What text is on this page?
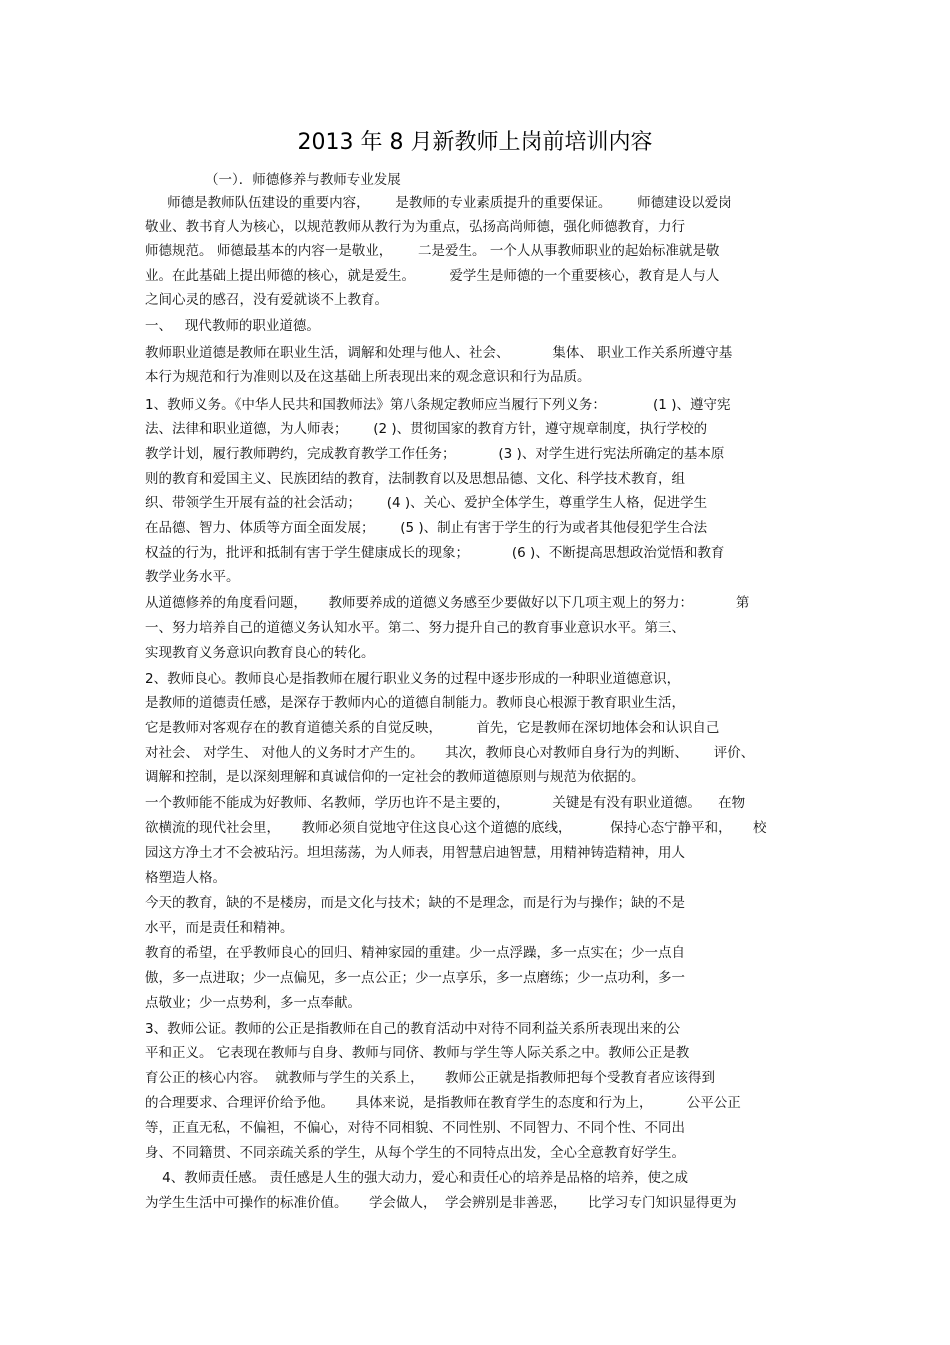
2013 年 8 月新教师上岗前培训内容
（一）．师德修养与教师专业发展
师德是教师队伍建设的重要内容，      是教师的专业素质提升的重要保证。      师德建设以爱岗
敬业、教书育人为核心，以规范教师从教行为为重点，弘扬高尚师德，强化师德教育，力行
师德规范。 师德最基本的内容一是敬业，      二是爱生。 一个人从事教师职业的起始标准就是敬
业。在此基础上提出师德的核心，就是爱生。        爱学生是师德的一个重要核心，教育是人与人
之间心灵的感召，没有爱就谈不上教育。
一、   现代教师的职业道德。
教师职业道德是教师在职业生活，调解和处理与他人、社会、          集体、 职业工作关系所遵守基
本行为规范和行为准则以及在这基础上所表现出来的观念意识和行为品质。
1、教师义务。《中华人民共和国教师法》第八条规定教师应当履行下列义务：           (1 )、遵守宪
法、法律和职业道德，为人师表；      (2 )、贯彻国家的教育方针，遵守规章制度，执行学校的
教学计划，履行教师聘约，完成教育教学工作任务；          (3 )、对学生进行宪法所确定的基本原
则的教育和爱国主义、民族团结的教育，法制教育以及思想品德、文化、科学技术教育，组
织、带领学生开展有益的社会活动；      (4 )、关心、爱护全体学生，尊重学生人格，促进学生
在品德、智力、体质等方面全面发展；      (5 )、制止有害于学生的行为或者其他侵犯学生合法
权益的行为，批评和抵制有害于学生健康成长的现象；          (6 )、不断提高思想政治觉悟和教育
教学业务水平。
从道德修养的角度看问题，     教师要养成的道德义务感至少要做好以下几项主观上的努力：          第
一、努力培养自己的道德义务认知水平。第二、努力提升自己的教育事业意识水平。第三、
实现教育义务意识向教育良心的转化。
2、教师良心。教师良心是指教师在履行职业义务的过程中逐步形成的一种职业道德意识，
是教师的道德责任感，是深存于教师内心的道德自制能力。教师良心根源于教育职业生活，
它是教师对客观存在的教育道德关系的自觉反映，        首先，它是教师在深切地体会和认识自己
对社会、 对学生、 对他人的义务时才产生的。     其次，教师良心对教师自身行为的判断、      评价、
调解和控制，是以深刻理解和真诚信仰的一定社会的教师道德原则与规范为依据的。
一个教师能不能成为好教师、名教师，学历也许不是主要的，          关键是有没有职业道德。    在物
欲横流的现代社会里，     教师必须自觉地守住这良心这个道德的底线，         保持心态宁静平和，     校
园这方净土才不会被玷污。坦坦荡荡，为人师表，用智慧启迪智慧，用精神铸造精神，用人
格塑造人格。
今天的教育，缺的不是楼房，而是文化与技术；缺的不是理念，而是行为与操作；缺的不是
水平，而是责任和精神。
教育的希望，在乎教师良心的回归、精神家园的重建。少一点浮躁，多一点实在；少一点自
傲，多一点进取；少一点偏见，多一点公正；少一点享乐，多一点磨练；少一点功利，多一
点敬业；少一点势利，多一点奉献。
3、教师公证。教师的公正是指教师在自己的教育活动中对待不同利益关系所表现出来的公
平和正义。 它表现在教师与自身、教师与同侪、教师与学生等人际关系之中。教师公正是教
育公正的核心内容。  就教师与学生的关系上，     教师公正就是指教师把每个受教育者应该得到
的合理要求、合理评价给予他。     具体来说，是指教师在教育学生的态度和行为上，        公平公正
等，正直无私，不偏袒，不偏心，对待不同相貌、不同性别、不同智力、不同个性、不同出
身、不同籍贯、不同亲疏关系的学生，从每个学生的不同特点出发，全心全意教育好学生。
4、教师责任感。 责任感是人生的强大动力，爱心和责任心的培养是品格的培养，使之成
为学生生活中可操作的标准价值。     学会做人，  学会辨别是非善恶，     比学习专门知识显得更为
